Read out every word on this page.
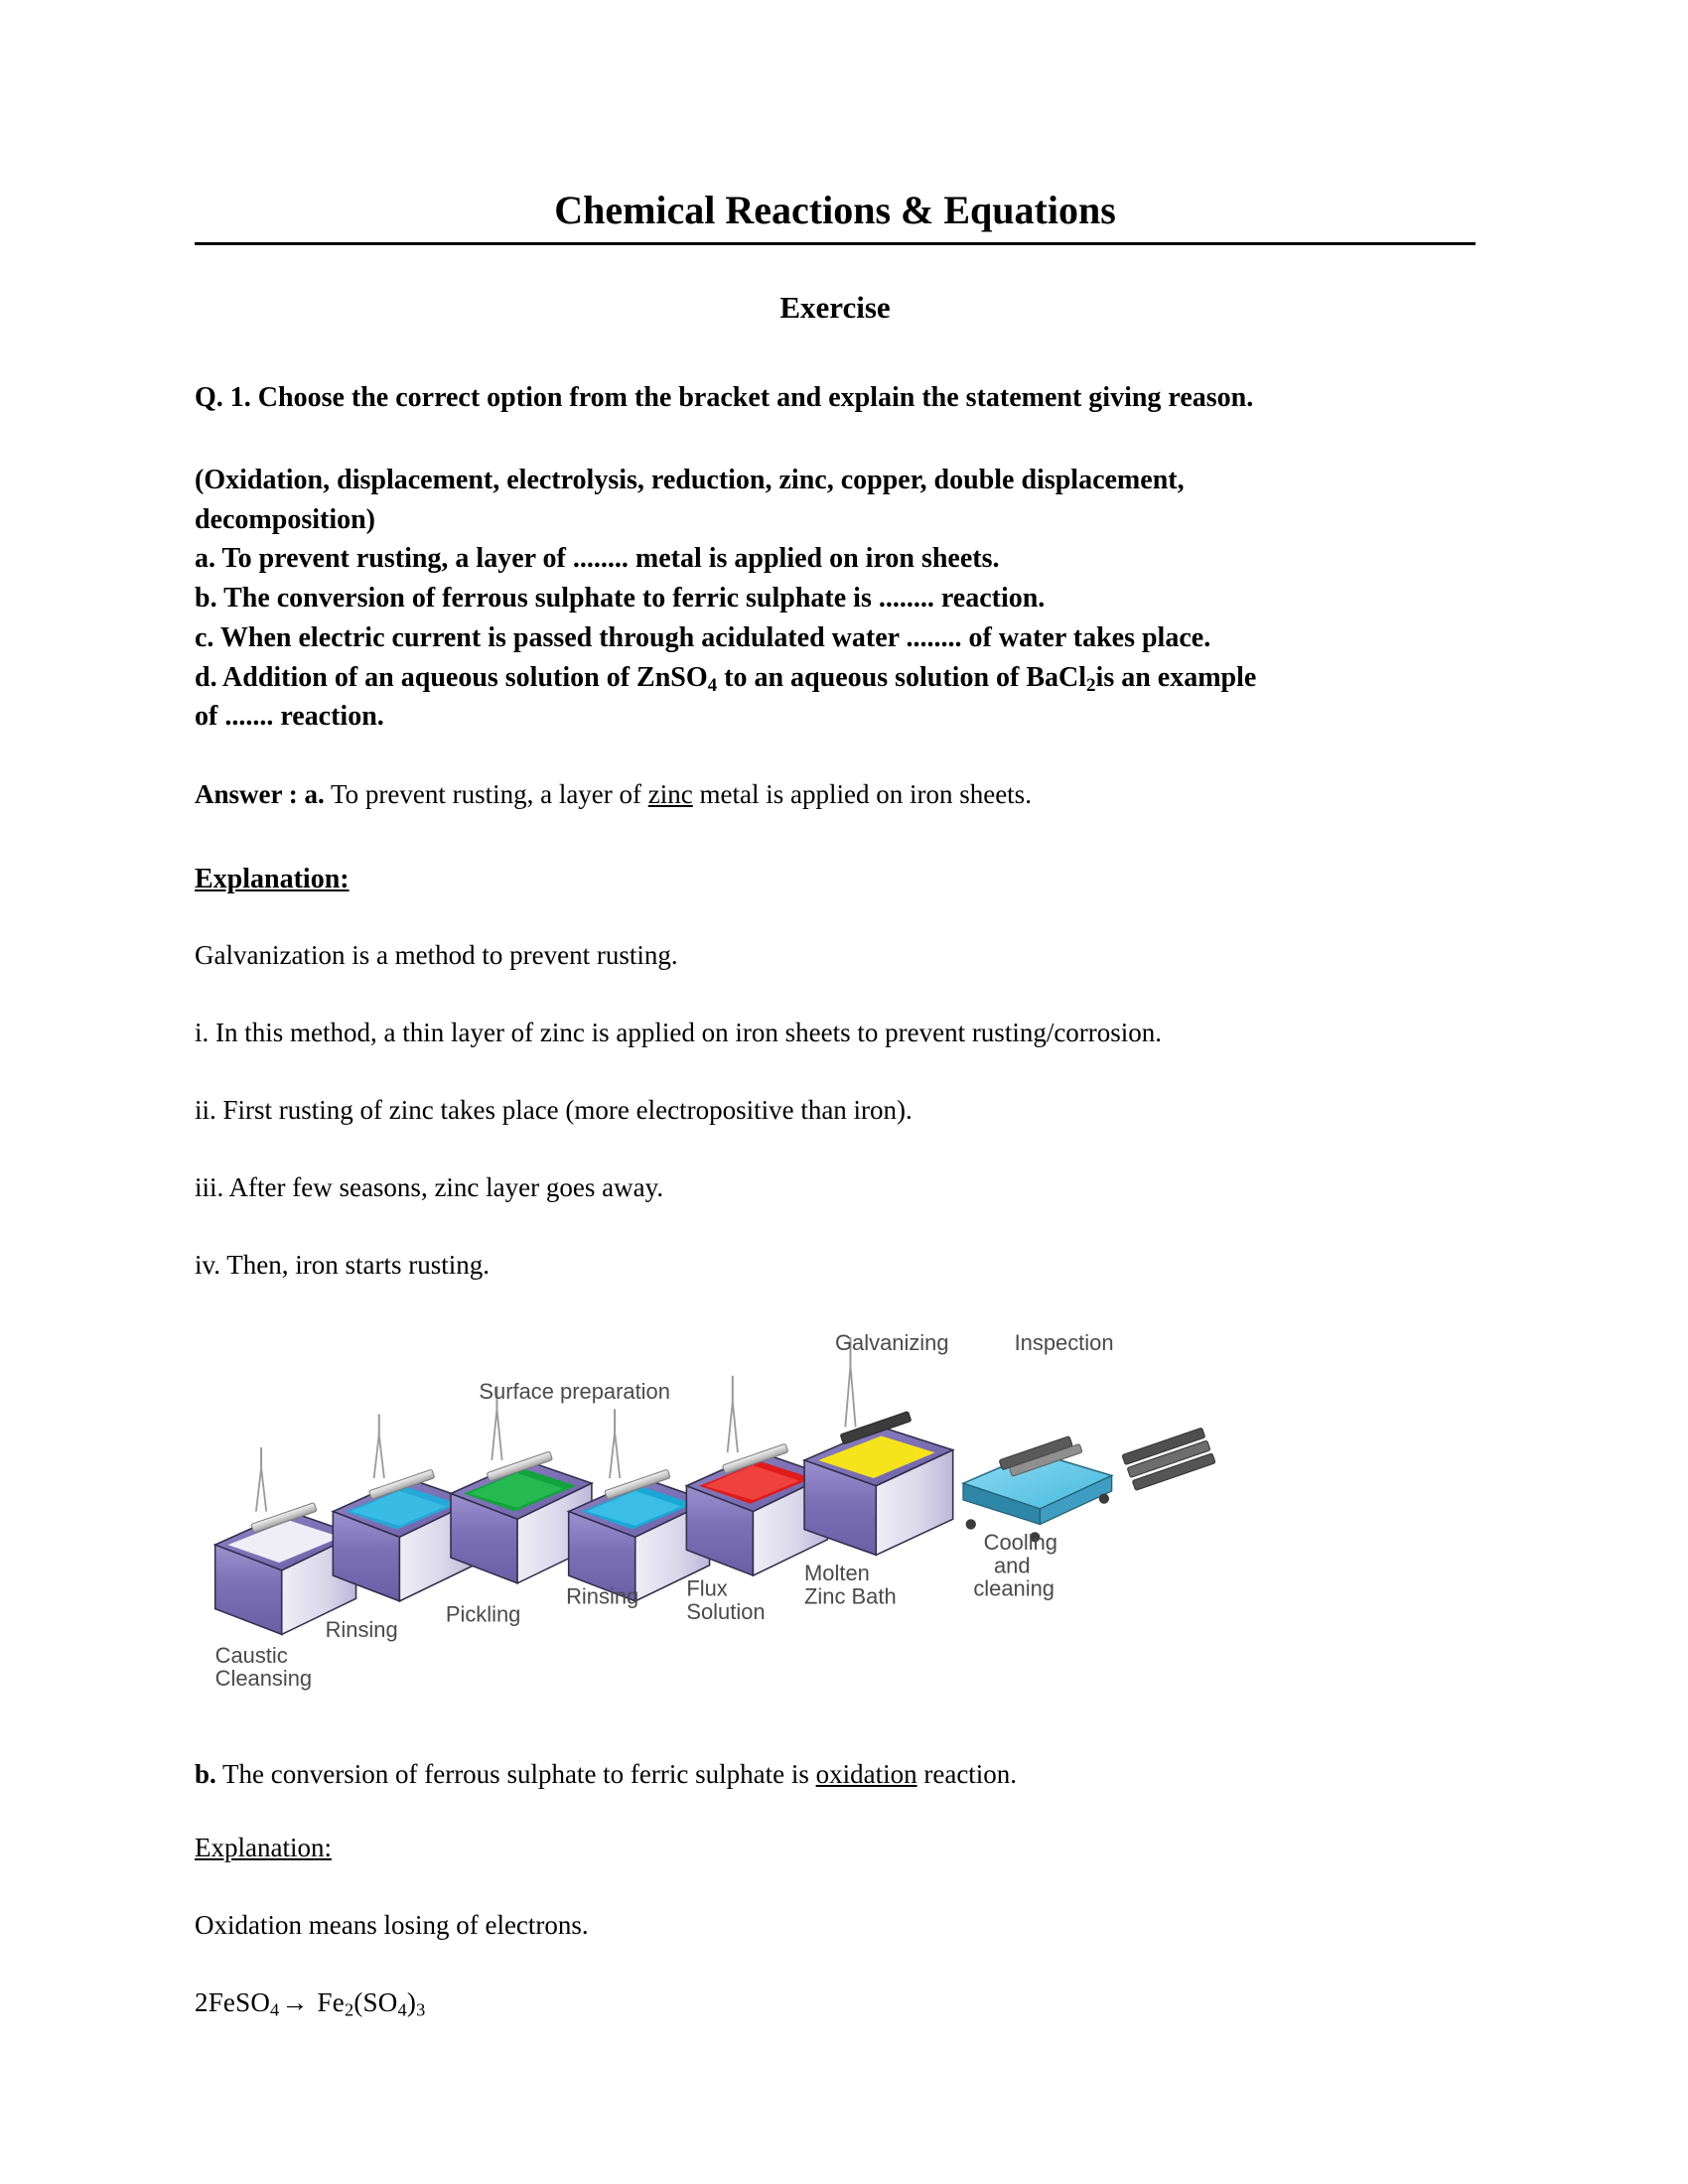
Chemical Reactions & Equations
Exercise
Q. 1. Choose the correct option from the bracket and explain the statement giving reason.
(Oxidation, displacement, electrolysis, reduction, zinc, copper, double displacement,
decomposition)
a. To prevent rusting, a layer of ........ metal is applied on iron sheets.
b. The conversion of ferrous sulphate to ferric sulphate is ........ reaction.
c. When electric current is passed through acidulated water ........ of water takes place.
d. Addition of an aqueous solution of ZnSO$_4$ to an aqueous solution of BaCl$_2$is an example
of ....... reaction.
Answer : a. To prevent rusting, a layer of zinc metal is applied on iron sheets.
Explanation:
Galvanization is a method to prevent rusting.
i. In this method, a thin layer of zinc is applied on iron sheets to prevent rusting/corrosion.
ii. First rusting of zinc takes place (more electropositive than iron).
iii. After few seasons, zinc layer goes away.
iv. Then, iron starts rusting.
Surface preparation
Galvanizing	Inspection
Caustic
Cleansing
Rinsing
Pickling
Rinsing	Flux
Solution
Molten
Zinc Bath
Cooling
and
cleaning
b. The conversion of ferrous sulphate to ferric sulphate is oxidation reaction.
Explanation:
Oxidation means losing of electrons.
2FeSO$_4$→ $Fe_2(SO_4)_3$
